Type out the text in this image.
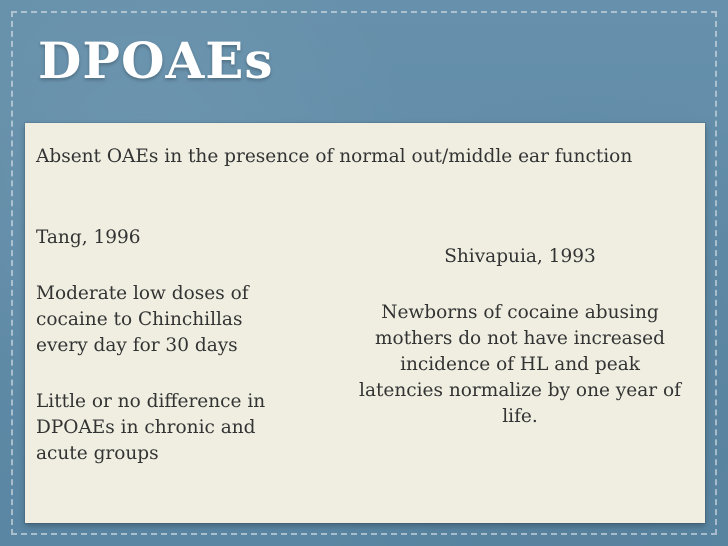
DPOAEs
Absent OAEs in the presence of normal out/middle ear function

Tang, 1996

Moderate low doses of

cocaine to Chinchillas

every day for 30 days

Little or no difference in

DPOAEs in chronic and

acute groups

Shivapuia, 1993

Newborns of cocaine abusing

mothers do not have increased

incidence of HL and peak

latencies normalize by one year of

life.
